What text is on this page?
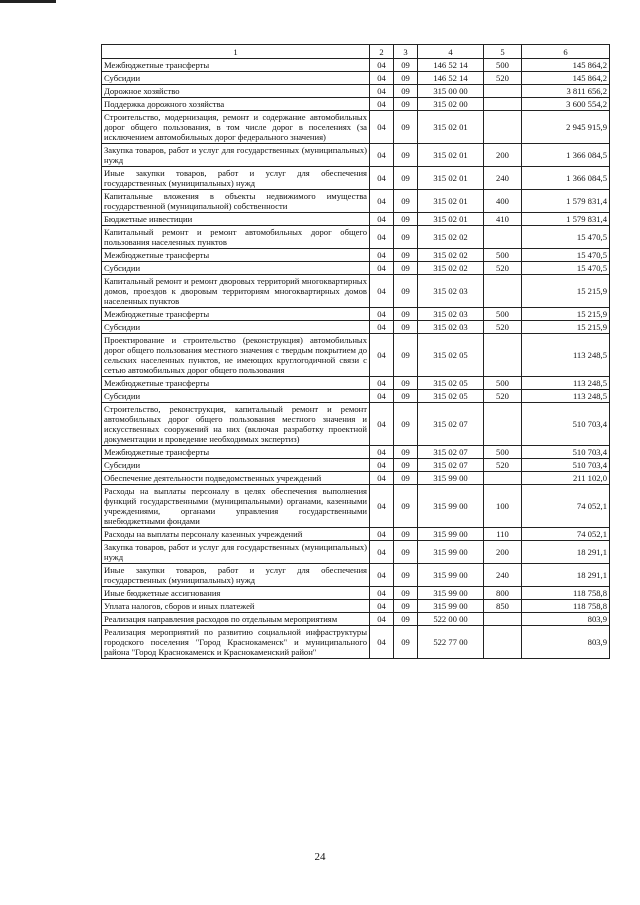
1	2	3	4	5	6
Межбюджетные трансферты	04	09	146 52 14	500	145 864,2
Субсидии	04	09	146 52 14	520	145 864,2
Дорожное хозяйство	04	09	315 00 00		3 811 656,2
Поддержка дорожного хозяйства	04	09	315 02 00		3 600 554,2
Строительство, модернизация, ремонт и содержание автомобильных дорог общего пользования, в том числе дорог в поселениях (за исключением автомобильных дорог федерального значения)	04	09	315 02 01		2 945 915,9
Закупка товаров, работ и услуг для государственных (муниципальных) нужд	04	09	315 02 01	200	1 366 084,5
Иные закупки товаров, работ и услуг для обеспечения государственных (муниципальных) нужд	04	09	315 02 01	240	1 366 084,5
Капитальные вложения в объекты недвижимого имущества государственной (муниципальной) собственности	04	09	315 02 01	400	1 579 831,4
Бюджетные инвестиции	04	09	315 02 01	410	1 579 831,4
Капитальный ремонт и ремонт автомобильных дорог общего пользования населенных пунктов	04	09	315 02 02		15 470,5
Межбюджетные трансферты	04	09	315 02 02	500	15 470,5
Субсидии	04	09	315 02 02	520	15 470,5
Капитальный ремонт и ремонт дворовых территорий многоквартирных домов, проездов к дворовым территориям многоквартирных домов населенных пунктов	04	09	315 02 03		15 215,9
Межбюджетные трансферты	04	09	315 02 03	500	15 215,9
Субсидии	04	09	315 02 03	520	15 215,9
Проектирование и строительство (реконструкция) автомобильных дорог общего пользования местного значения с твердым покрытием до сельских населенных пунктов, не имеющих круглогодичной связи с сетью автомобильных дорог общего пользования	04	09	315 02 05		113 248,5
Межбюджетные трансферты	04	09	315 02 05	500	113 248,5
Субсидии	04	09	315 02 05	520	113 248,5
Строительство, реконструкция, капитальный ремонт и ремонт автомобильных дорог общего пользования местного значения и искусственных сооружений на них (включая разработку проектной документации и проведение необходимых экспертиз)	04	09	315 02 07		510 703,4
Межбюджетные трансферты	04	09	315 02 07	500	510 703,4
Субсидии	04	09	315 02 07	520	510 703,4
Обеспечение деятельности подведомственных учреждений	04	09	315 99 00		211 102,0
Расходы на выплаты персоналу в целях обеспечения выполнения функций государственными (муниципальными) органами, казенными учреждениями, органами управления государственными внебюджетными фондами	04	09	315 99 00	100	74 052,1
Расходы на выплаты персоналу казенных учреждений	04	09	315 99 00	110	74 052,1
Закупка товаров, работ и услуг для государственных (муниципальных) нужд	04	09	315 99 00	200	18 291,1
Иные закупки товаров, работ и услуг для обеспечения государственных (муниципальных) нужд	04	09	315 99 00	240	18 291,1
Иные бюджетные ассигнования	04	09	315 99 00	800	118 758,8
Уплата налогов, сборов и иных платежей	04	09	315 99 00	850	118 758,8
Реализация направления расходов по отдельным мероприятиям	04	09	522 00 00		803,9
Реализация мероприятий по развитию социальной инфраструктуры городского поселения "Город Краснокаменск" и муниципального района "Город Краснокаменск и Краснокаменский район"	04	09	522 77 00		803,9
24
